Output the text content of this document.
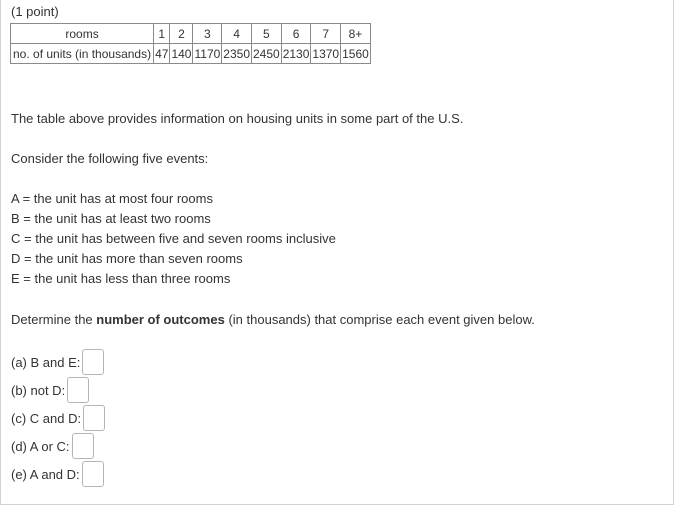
(1 point)
rooms	1	2	3	4	5	6	7	8+
no. of units (in thousands)	47	140	1170	2350	2450	2130	1370	1560
The table above provides information on housing units in some part of the U.S.
Consider the following five events:
A = the unit has at most four rooms
B = the unit has at least two rooms
C = the unit has between five and seven rooms inclusive
D = the unit has more than seven rooms
E = the unit has less than three rooms
Determine the number of outcomes (in thousands) that comprise each event given below.
(a) B and E:
(b) not D:
(c) C and D:
(d) A or C:
(e) A and D:
